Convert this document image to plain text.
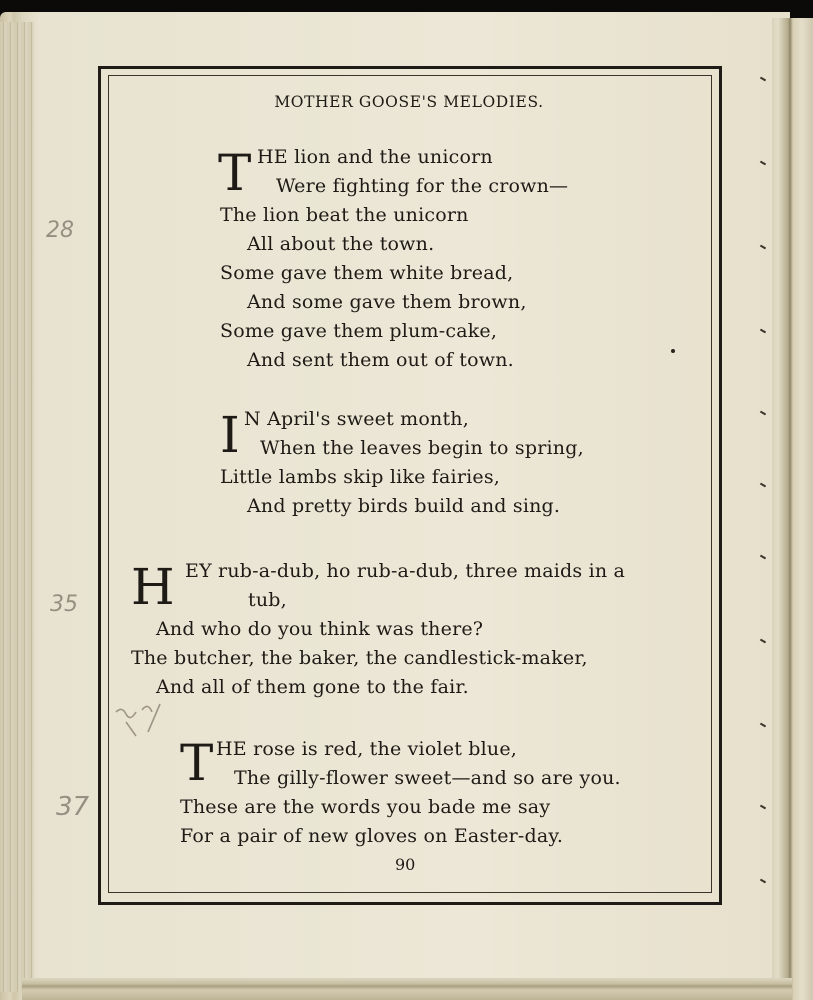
28
35
37
MOTHER GOOSE'S MELODIES.
T HE lion and the unicorn
Were fighting for the crown—
The lion beat the unicorn
All about the town.
Some gave them white bread,
And some gave them brown,
Some gave them plum-cake,
And sent them out of town.
I N April's sweet month,
When the leaves begin to spring,
Little lambs skip like fairies,
And pretty birds build and sing.
H EY rub-a-dub, ho rub-a-dub, three maids in a
tub,
And who do you think was there?
The butcher, the baker, the candlestick-maker,
And all of them gone to the fair.
T HE rose is red, the violet blue,
The gilly-flower sweet—and so are you.
These are the words you bade me say
For a pair of new gloves on Easter-day.
90
